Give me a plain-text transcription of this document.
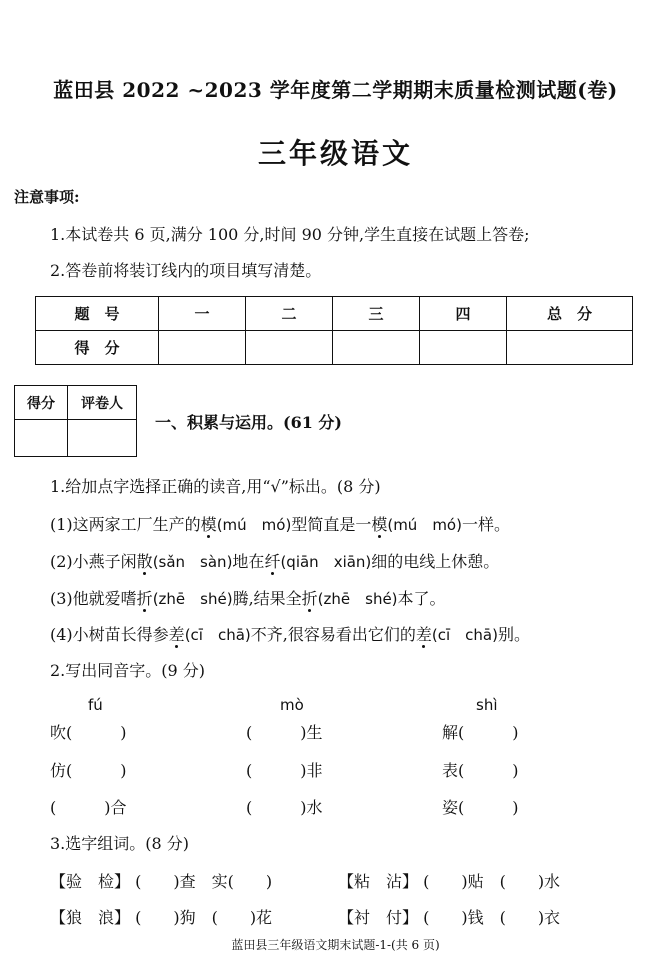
蓝田县 2022 ~2023 学年度第二学期期末质量检测试题(卷)
三年级语文
注意事项:
1.本试卷共 6 页,满分 100 分,时间 90 分钟,学生直接在试题上答卷;
2.答卷前将装订线内的项目填写清楚。
题　号	一	二	三	四	总　分
得　分					
得分	评卷人

一、积累与运用。(61 分)
1.给加点字选择正确的读音,用“√”标出。(8 分)
(1)这两家工厂生产的模(mú　mó)型简直是一模(mú　mó)一样。
(2)小燕子闲散(sǎn　sàn)地在纤(qiān　xiān)细的电线上休憩。
(3)他就爱嗜折(zhē　shé)腾,结果全折(zhē　shé)本了。
(4)小树苗长得参差(cī　chā)不齐,很容易看出它们的差(cī　chā)别。
2.写出同音字。(9 分)
fú	mò	shì
吹(　　　)	(　　　)生	解(　　　)
仿(　　　)	(　　　)非	表(　　　)
(　　　)合	(　　　)水	姿(　　　)
3.选字组词。(8 分)
【验　检】 (　　)查　实(　　)	【粘　沾】 (　　)贴　(　　)水
【狼　浪】 (　　)狗　(　　)花	【衬　付】 (　　)钱　(　　)衣
蓝田县三年级语文期末试题-1-(共 6 页)
